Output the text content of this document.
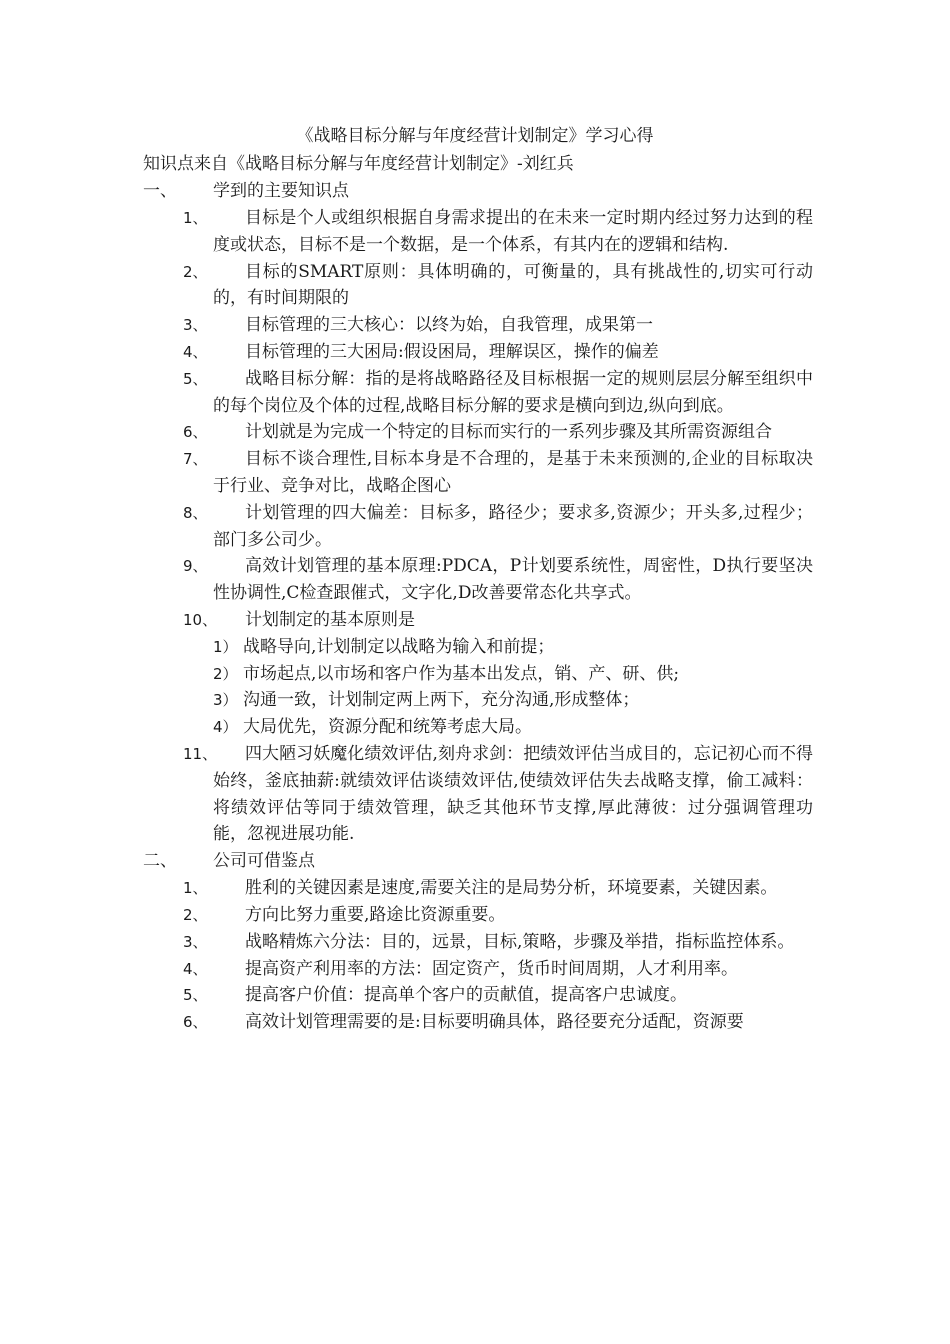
《战略目标分解与年度经营计划制定》学习心得
知识点来自《战略目标分解与年度经营计划制定》-刘红兵
一、	学到的主要知识点
1、	目标是个人或组织根据自身需求提出的在未来一定时期内经过努力达到的程度或状态，目标不是一个数据，是一个体系，有其内在的逻辑和结构.
2、	目标的SMART原则：具体明确的，可衡量的，具有挑战性的,切实可行动的，有时间期限的
3、	目标管理的三大核心：以终为始，自我管理，成果第一
4、	目标管理的三大困局:假设困局，理解误区，操作的偏差
5、	战略目标分解：指的是将战略路径及目标根据一定的规则层层分解至组织中的每个岗位及个体的过程,战略目标分解的要求是横向到边,纵向到底。
6、	计划就是为完成一个特定的目标而实行的一系列步骤及其所需资源组合
7、	目标不谈合理性,目标本身是不合理的，是基于未来预测的,企业的目标取决于行业、竞争对比，战略企图心
8、	计划管理的四大偏差：目标多，路径少；要求多,资源少；开头多,过程少；部门多公司少。
9、	高效计划管理的基本原理:PDCA，P计划要系统性，周密性，D执行要坚决性协调性,C检查跟催式，文字化,D改善要常态化共享式。
10、	计划制定的基本原则是
1） 战略导向,计划制定以战略为输入和前提；
2） 市场起点,以市场和客户作为基本出发点，销、产、研、供;
3） 沟通一致，计划制定两上两下，充分沟通,形成整体；
4） 大局优先，资源分配和统筹考虑大局。
11、	四大陋习妖魔化绩效评估,刻舟求剑：把绩效评估当成目的，忘记初心而不得始终，釜底抽薪:就绩效评估谈绩效评估,使绩效评估失去战略支撑，偷工减料：将绩效评估等同于绩效管理，缺乏其他环节支撑,厚此薄彼：过分强调管理功能，忽视进展功能.
二、	公司可借鉴点
1、	胜利的关键因素是速度,需要关注的是局势分析，环境要素，关键因素。
2、	方向比努力重要,路途比资源重要。
3、	战略精炼六分法：目的，远景，目标,策略，步骤及举措，指标监控体系。
4、	提高资产利用率的方法：固定资产，货币时间周期，人才利用率。
5、	提高客户价值：提高单个客户的贡献值，提高客户忠诚度。
6、	高效计划管理需要的是:目标要明确具体，路径要充分适配，资源要
